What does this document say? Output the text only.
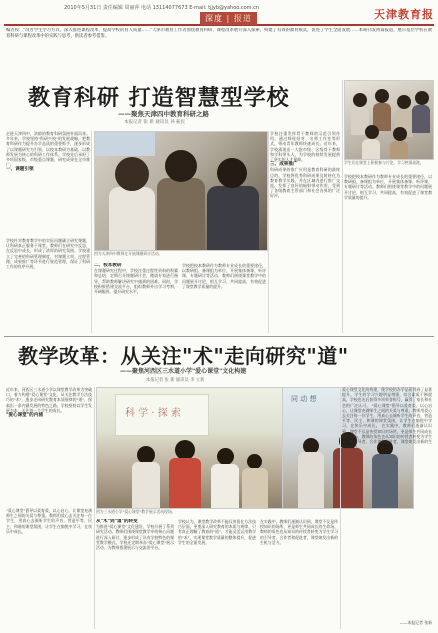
2010年5月31日 责任编辑 周丽萍 电话 13114077673 E-mail: tjjyb@yahoo.com.cn
深度 | 报道	天津教育报
编者按："改善学生学习方式，深入推进课程改革，提高学校的育人质量……"天津市教育工作者围绕教育科研、课程改革展开深入探索，构建了有效的教育模式，促进了学生全面发展……本期刊发两篇报道，展示基层学校在教育科研与课程改革中的实践与思考，供读者参考借鉴。
教育科研 打造智慧型学校
——聚焦天津四中教育科研之路
本报记者 张 新 通讯员 孙 振民
学生们在课堂上积极参与讨论，学习热情高涨。
走进天津四中，浓郁的教育科研氛围扑面而来。多年来，学校坚持"科研兴校"的发展战略，把教育科研作为提升办学品质的重要抓手，逐步形成了以课题研究为引领、以校本教研为基础、以教师发展为核心的科研工作体系。学校先后承担了多项国家级、市级重点课题，研究成果在全市推广。
一、课题引领
学校针对教育教学中的实际问题确立研究课题，让科研真正服务于课堂。教师们在研究中反思，在反思中成长，形成了浓厚的研究氛围。学校建立了完善的科研管理制度，对课题立项、过程管理、成果推广等环节进行规范管理，保证了科研工作的有序开展。
图为天津四中教师在开展课题研讨活动。
二、校本教研
在课题研究过程中，学校注重过程性资料的积累和总结，定期召开课题研讨会，邀请专家进行指导，帮助教师解决研究中遇到的困难。同时，学校积极搭建交流平台，组织教师外出学习考察，开阔眼界，提升研究水平。
学校把校本教研作为教师专业成长的重要途径，以教研组、备课组为单位，开展集体备课、听评课、专题研讨等活动。教师们围绕课堂教学中的问题展开讨论，相互学习、共同提高，有效促进了课堂教学质量的提升。
学校注重发挥骨干教师的示范引领作用，通过师徒结对、名师工作室等形式，带动青年教师快速成长。近年来，学校涌现出一大批市级、区级骨干教师和学科带头人，为学校的持续发展提供了坚实的人才保障。
三、成果推广
科研成果的推广应用是教育科研的最终目的。学校将优秀科研成果及时转化为教育教学实践，并在区域内进行推广交流，发挥了良好的辐射带动作用，受到了各级教育主管部门和社会各界的广泛好评。
学校把校本教研作为教师专业成长的重要途径，以教研组、备课组为单位，开展集体备课、听评课、专题研讨等活动。教师们围绕课堂教学中的问题展开讨论，相互学习、共同提高，有效促进了课堂教学质量的提升。
教学改革：从关注"术"走向研究"道"
——聚焦河西区三水道小学"爱心课堂"文化构建
本报记者 张 新 通讯员 李 立新
近年来，河西区三水道小学以课堂教学改革为突破口，着力构建"爱心课堂"文化，从关注教学方法技巧的"术"，逐步走向研究教育本质规律的"道"，探索出一条内涵发展的特色之路。学校坚持以学生发展为本，关注每一个学生的成长。
"爱心课堂"的内涵
"爱心课堂"倡导以爱育爱，以心启心，让课堂充满师生之间的关爱与尊重。教师用爱心去关注每一位学生，用真心去倾听学生的声音，营造平等、民主、和谐的课堂氛围，让学生在愉悦中学习，在快乐中成长。
科 学 · 探 索
同 动 想
图为三水道小学"爱心课堂"教学展示活动现场。
从"术"到"道"的转变
为推进"爱心课堂"文化建设，学校开展了系列研究活动。教师们围绕课堂教学中的核心问题进行深入研讨，逐步形成了具有学校特色的课堂教学模式。学校还定期举办"爱心课堂"展示活动，为教师搭建展示与交流的平台。
学校认为，课堂教学改革不能仅停留在方法技巧层面，更要深入研究教育的本质与规律。只有真正理解了教育的"道"，才能灵活运用教学的"术"，实现课堂教学质量的整体提升，促进学生的全面发展。
在实践中，教师们逐渐认识到，课堂不仅是传授知识的场所，更是师生共同成长的生命场。教师的角色也从知识的传授者转变为学生学习的引导者、合作者和促进者，课堂焕发出新的生机与活力。
爱心课堂文化的构建，使学校的办学品质得到了显著提升。学生的学习兴趣明显增强，综合素质不断提高，学校也先后获得多项荣誉称号，赢得了家长和社会的广泛认可。 "爱心课堂"倡导以爱育爱，以心启心，让课堂充满师生之间的关爱与尊重。教师用爱心去关注每一位学生，用真心去倾听学生的声音，营造平等、民主、和谐的课堂氛围，让学生在愉悦中学习，在快乐中成长。 在实践中，教师们逐渐认识到，课堂不仅是传授知识的场所，更是师生共同成长的生命场。教师的角色也从知识的传授者转变为学生学习的引导者、合作者和促进者，课堂焕发出新的生机与活力。
——本报记者 张新
